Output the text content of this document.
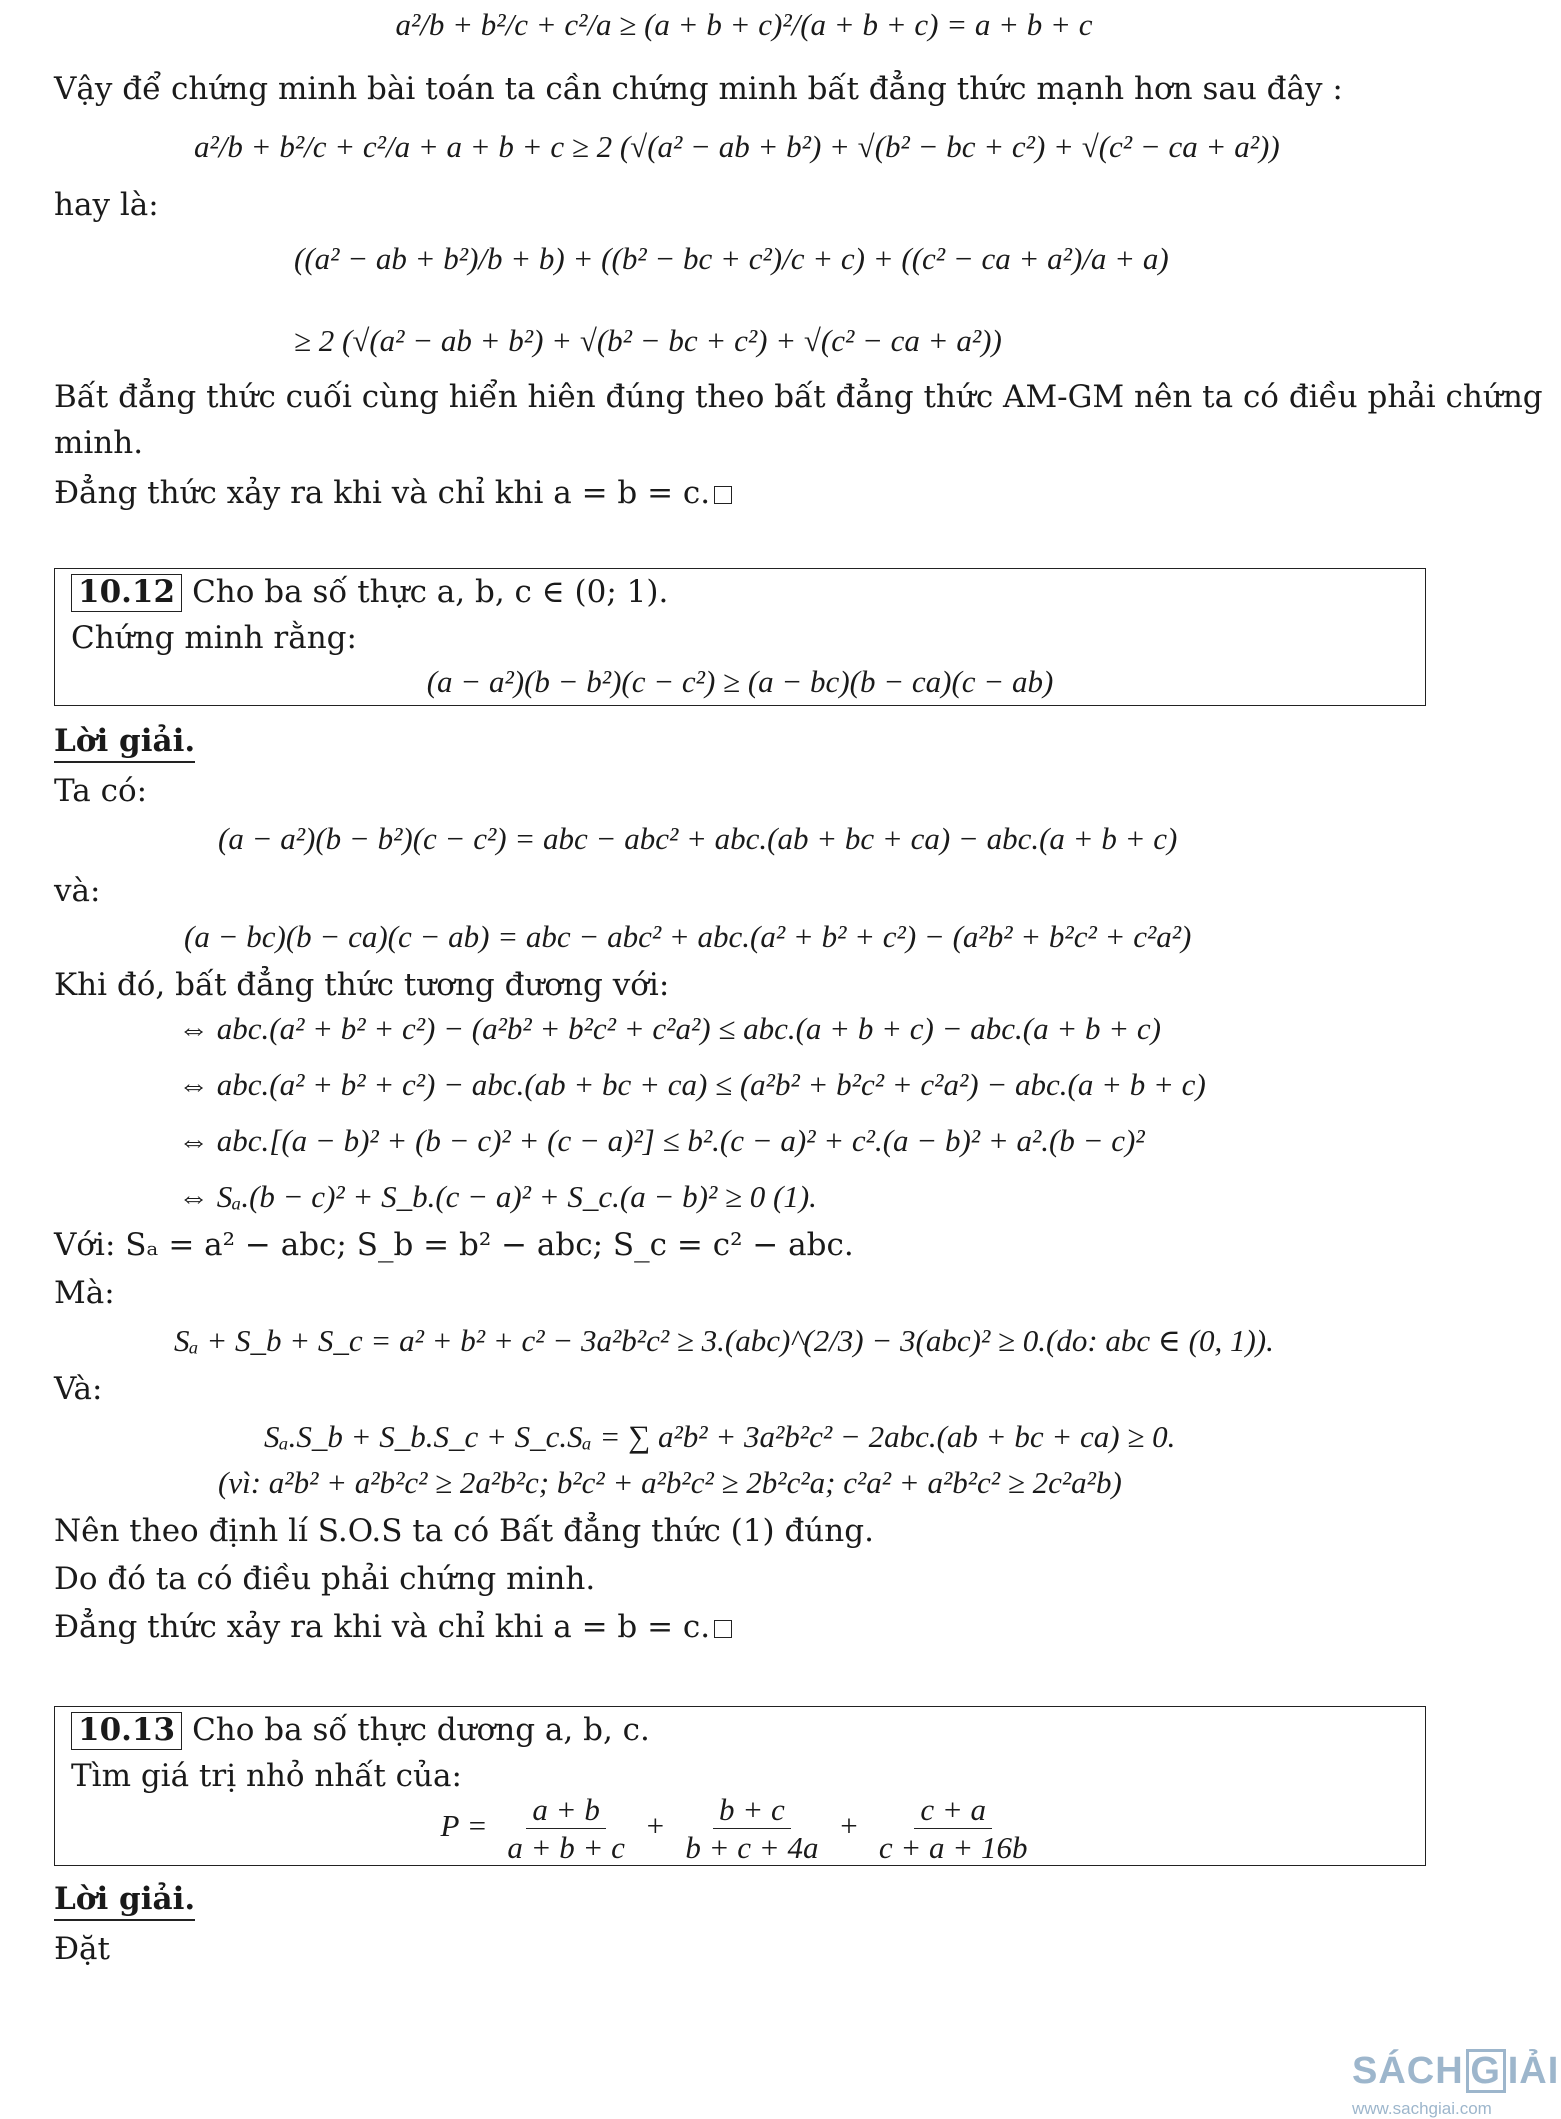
a²/b + b²/c + c²/a ≥ (a + b + c)²/(a + b + c) = a + b + c
Vậy để chứng minh bài toán ta cần chứng minh bất đẳng thức mạnh hơn sau đây :
a²/b + b²/c + c²/a + a + b + c ≥ 2 (√(a² − ab + b²) + √(b² − bc + c²) + √(c² − ca + a²))
hay là:
((a² − ab + b²)/b + b) + ((b² − bc + c²)/c + c) + ((c² − ca + a²)/a + a)
≥ 2 (√(a² − ab + b²) + √(b² − bc + c²) + √(c² − ca + a²))
Bất đẳng thức cuối cùng hiển hiên đúng theo bất đẳng thức AM-GM nên ta có điều phải chứng
minh.
Đẳng thức xảy ra khi và chỉ khi a = b = c.
10.12 Cho ba số thực a, b, c ∈ (0; 1).
Chứng minh rằng:
(a − a²)(b − b²)(c − c²) ≥ (a − bc)(b − ca)(c − ab)
Lời giải.
Ta có:
(a − a²)(b − b²)(c − c²) = abc − abc² + abc.(ab + bc + ca) − abc.(a + b + c)
và:
(a − bc)(b − ca)(c − ab) = abc − abc² + abc.(a² + b² + c²) − (a²b² + b²c² + c²a²)
Khi đó, bất đẳng thức tương đương với:
⇔ abc.(a² + b² + c²) − (a²b² + b²c² + c²a²) ≤ abc.(a + b + c) − abc.(a + b + c)
⇔ abc.(a² + b² + c²) − abc.(ab + bc + ca) ≤ (a²b² + b²c² + c²a²) − abc.(a + b + c)
⇔ abc.[(a − b)² + (b − c)² + (c − a)²] ≤ b².(c − a)² + c².(a − b)² + a².(b − c)²
⇔ Sₐ.(b − c)² + S_b.(c − a)² + S_c.(a − b)² ≥ 0 (1).
Với: Sₐ = a² − abc; S_b = b² − abc; S_c = c² − abc.
Mà:
Sₐ + S_b + S_c = a² + b² + c² − 3a²b²c² ≥ 3.(abc)^(2/3) − 3(abc)² ≥ 0.(do: abc ∈ (0, 1)).
Và:
Sₐ.S_b + S_b.S_c + S_c.Sₐ = ∑ a²b² + 3a²b²c² − 2abc.(ab + bc + ca) ≥ 0.
(vì: a²b² + a²b²c² ≥ 2a²b²c; b²c² + a²b²c² ≥ 2b²c²a; c²a² + a²b²c² ≥ 2c²a²b)
Nên theo định lí S.O.S ta có Bất đẳng thức (1) đúng.
Do đó ta có điều phải chứng minh.
Đẳng thức xảy ra khi và chỉ khi a = b = c.
10.13 Cho ba số thực dương a, b, c.
Tìm giá trị nhỏ nhất của:
$P = \frac{a + b}{a + b + c} + \frac{b + c}{b + c + 4a} + \frac{c + a}{c + a + 16b}$
Lời giải.
Đặt
SÁCH G IẢI
www.sachgiai.com
